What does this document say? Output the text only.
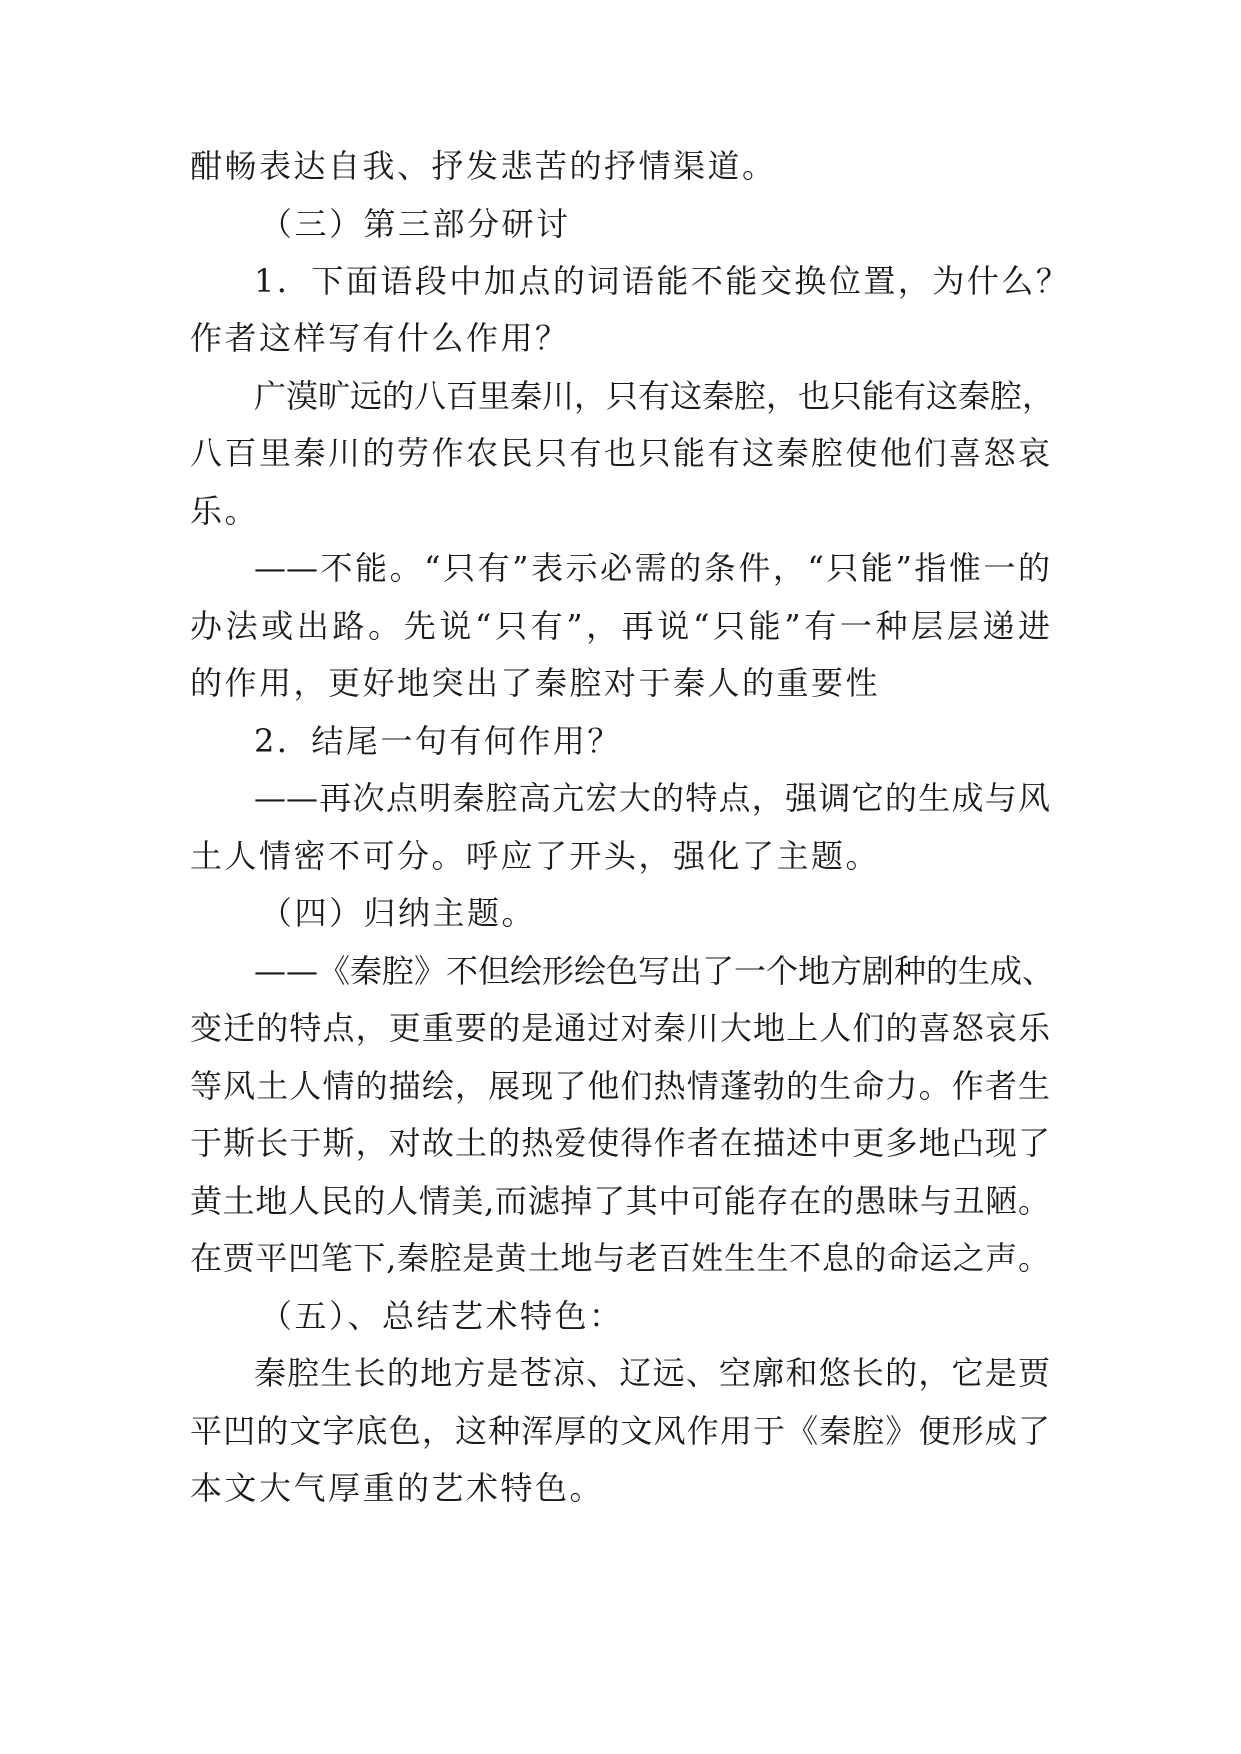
酣畅表达自我、抒发悲苦的抒情渠道。

（三）第三部分研讨

1．下面语段中加点的词语能不能交换位置，为什么？

作者这样写有什么作用？

广漠旷远的八百里秦川，只有这秦腔，也只能有这秦腔，

八百里秦川的劳作农民只有也只能有这秦腔使他们喜怒哀

乐。

——不能。“只有”表示必需的条件，“只能”指惟一的

办法或出路。先说“只有”，再说“只能”有一种层层递进

的作用，更好地突出了秦腔对于秦人的重要性

2．结尾一句有何作用？

——再次点明秦腔高亢宏大的特点，强调它的生成与风

土人情密不可分。呼应了开头，强化了主题。

（四）归纳主题。

——《秦腔》不但绘形绘色写出了一个地方剧种的生成、

变迁的特点，更重要的是通过对秦川大地上人们的喜怒哀乐

等风土人情的描绘，展现了他们热情蓬勃的生命力。作者生

于斯长于斯，对故土的热爱使得作者在描述中更多地凸现了

黄土地人民的人情美,而滤掉了其中可能存在的愚昧与丑陋。

在贾平凹笔下,秦腔是黄土地与老百姓生生不息的命运之声。

（五）、总结艺术特色：

秦腔生长的地方是苍凉、辽远、空廓和悠长的，它是贾

平凹的文字底色，这种浑厚的文风作用于《秦腔》便形成了

本文大气厚重的艺术特色。
